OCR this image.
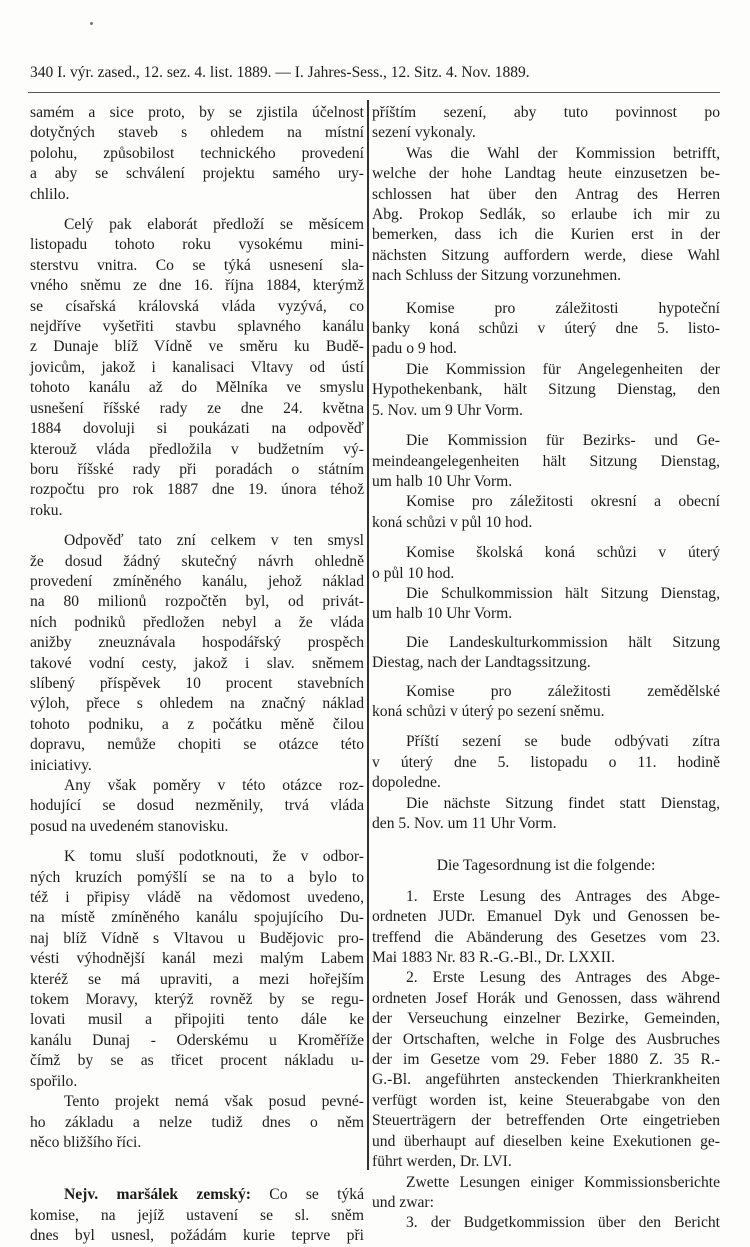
340 I. výr. zased., 12. sez. 4. list. 1889. — I. Jahres-Sess., 12. Sitz. 4. Nov. 1889.
samém a sice proto, by se zjistila účelnost
dotyčných staveb s ohledem na místní
polohu, způsobilost technického provedení
a aby se schválení projektu samého ury-
chlilo.
Celý pak elaborát předloží se měsícem
listopadu tohoto roku vysokému mini-
sterstvu vnitra. Co se týká usnesení sla-
vného sněmu ze dne 16. října 1884, kterýmž
se císařská královská vláda vyzývá, co
nejdříve vyšetřiti stavbu splavného kanálu
z Dunaje blíž Vídně ve směru ku Budě-
jovicům, jakož i kanalisaci Vltavy od ústí
tohoto kanálu až do Mělníka ve smyslu
usnešení říšské rady ze dne 24. května
1884 dovoluji si poukázati na odpověď
kterouž vláda předložila v budžetním vý-
boru říšské rady při poradách o státním
rozpočtu pro rok 1887 dne 19. února téhož
roku.
Odpověď tato zní celkem v ten smysl
že dosud žádný skutečný návrh ohledně
provedení zmíněného kanálu, jehož náklad
na 80 milionů rozpočtěn byl, od privát-
ních podniků předložen nebyl a že vláda
anižby zneuznávala hospodářský prospěch
takové vodní cesty, jakož i slav. sněmem
slíbený příspěvek 10 procent stavebních
výloh, přece s ohledem na značný náklad
tohoto podniku, a z počátku měně čilou
dopravu, nemůže chopiti se otázce této
iniciativy.
Any však poměry v této otázce roz-
hodující se dosud nezměnily, trvá vláda
posud na uvedeném stanovisku.
K tomu sluší podotknouti, že v odbor-
ných kruzích pomýšlí se na to a bylo to
též i připisy vládě na vědomost uvedeno,
na místě zmíněného kanálu spojujícího Du-
naj blíž Vídně s Vltavou u Budějovic pro-
vésti výhodnější kanál mezi malým Labem
kteréž se má upraviti, a mezi hořejším
tokem Moravy, kterýž rovněž by se regu-
lovati musil a připojiti tento dále ke
kanálu Dunaj - Oderskému u Kroměříže
čímž by se as třicet procent nákladu u-
spořilo.
Tento projekt nemá však posud pevné-
ho základu a nelze tudiž dnes o něm
něco bližšího říci.
Nejv. maršálek zemský: Co se týká
komise, na jejíž ustavení se sl. sněm
dnes byl usnesl, požádám kurie teprve při
příštím sezení, aby tuto povinnost po
sezení vykonaly.
Was die Wahl der Kommission betrifft,
welche der hohe Landtag heute einzusetzen be-
schlossen hat über den Antrag des Herren
Abg. Prokop Sedlák, so erlaube ich mir zu
bemerken, dass ich die Kurien erst in der
nächsten Sitzung auffordern werde, diese Wahl
nach Schluss der Sitzung vorzunehmen.
Komise pro záležitosti hypoteční
banky koná schůzi v úterý dne 5. listo-
padu o 9 hod.
Die Kommission für Angelegenheiten der
Hypothekenbank, hält Sitzung Dienstag, den
5. Nov. um 9 Uhr Vorm.
Die Kommission für Bezirks- und Ge-
meindeangelegenheiten hält Sitzung Dienstag,
um halb 10 Uhr Vorm.
Komise pro záležitosti okresní a obecní
koná schůzi v půl 10 hod.
Komise školská koná schůzi v úterý
o půl 10 hod.
Die Schulkommission hält Sitzung Dienstag,
um halb 10 Uhr Vorm.
Die Landeskulturkommission hält Sitzung
Diestag, nach der Landtagssitzung.
Komise pro záležitosti zemědělské
koná schůzi v úterý po sezení sněmu.
Příští sezení se bude odbývati zítra
v úterý dne 5. listopadu o 11. hodině
dopoledne.
Die nächste Sitzung findet statt Dienstag,
den 5. Nov. um 11 Uhr Vorm.
Die Tagesordnung ist die folgende:
1. Erste Lesung des Antrages des Abge-
ordneten JUDr. Emanuel Dyk und Genossen be-
treffend die Abänderung des Gesetzes vom 23.
Mai 1883 Nr. 83 R.-G.-Bl., Dr. LXXII.
2. Erste Lesung des Antrages des Abge-
ordneten Josef Horák und Genossen, dass während
der Verseuchung einzelner Bezirke, Gemeinden,
der Ortschaften, welche in Folge des Ausbruches
der im Gesetze vom 29. Feber 1880 Z. 35 R.-
G.-Bl. angeführten ansteckenden Thierkrankheiten
verfügt worden ist, keine Steuerabgabe von den
Steuerträgern der betreffenden Orte eingetrieben
und überhaupt auf dieselben keine Exekutionen ge-
führt werden, Dr. LVI.
Zwette Lesungen einiger Kommissionsberichte
und zwar:
3. der Budgetkommission über den Bericht
